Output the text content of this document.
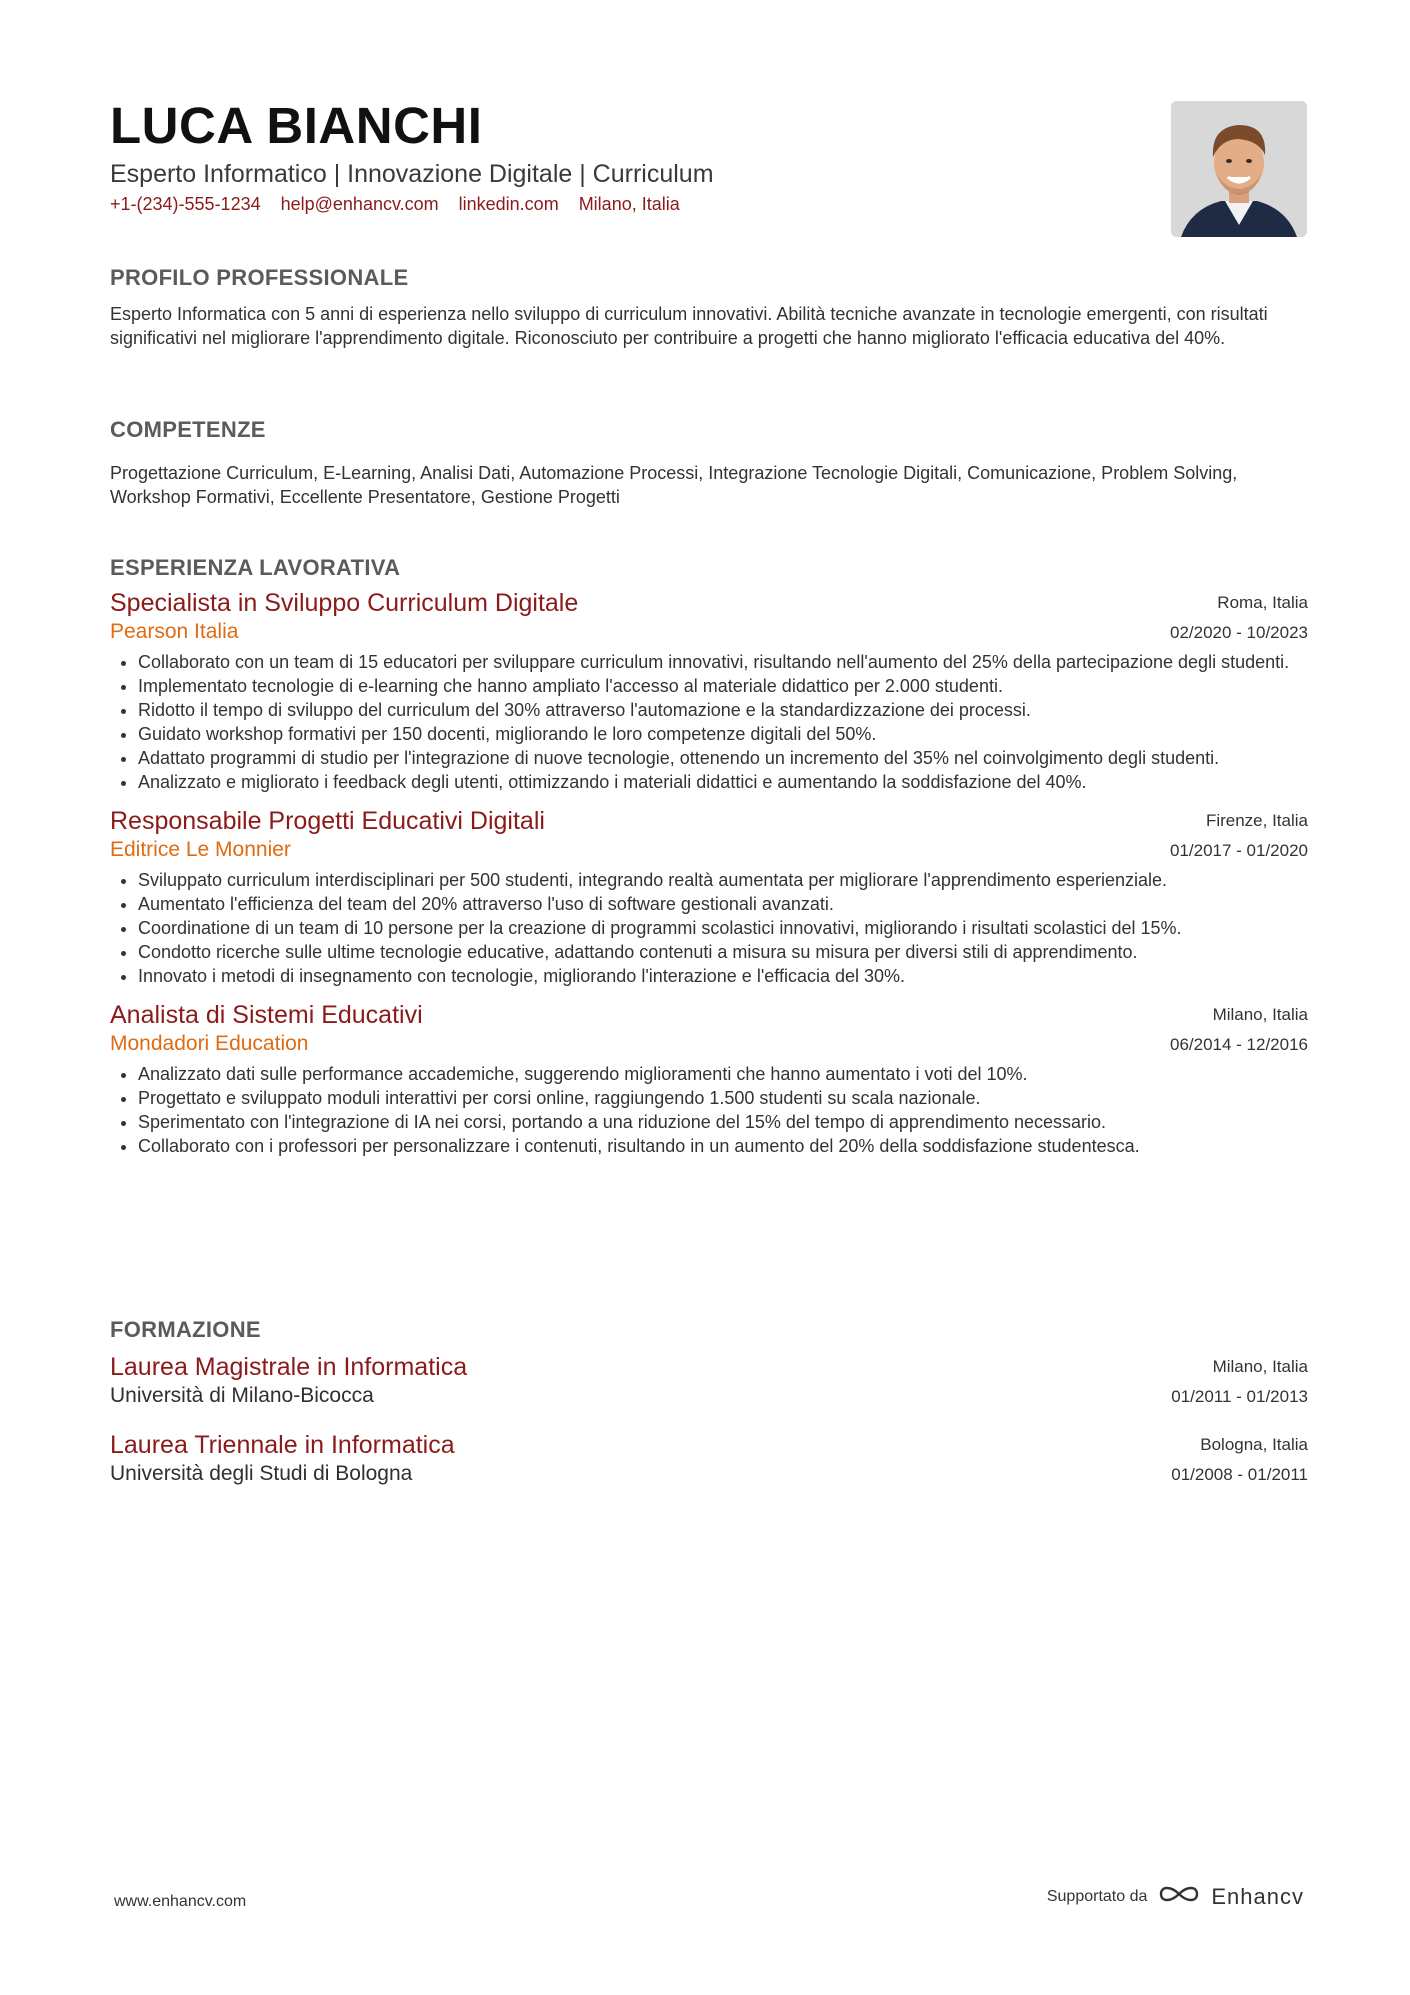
LUCA BIANCHI
Esperto Informatico | Innovazione Digitale | Curriculum
+1-(234)-555-1234 help@enhancv.com linkedin.com Milano, Italia
PROFILO PROFESSIONALE
Esperto Informatica con 5 anni di esperienza nello sviluppo di curriculum innovativi. Abilità tecniche avanzate in tecnologie emergenti, con risultati significativi nel migliorare l'apprendimento digitale. Riconosciuto per contribuire a progetti che hanno migliorato l'efficacia educativa del 40%.
COMPETENZE
Progettazione Curriculum, E-Learning, Analisi Dati, Automazione Processi, Integrazione Tecnologie Digitali, Comunicazione, Problem Solving, Workshop Formativi, Eccellente Presentatore, Gestione Progetti
ESPERIENZA LAVORATIVA
Specialista in Sviluppo Curriculum Digitale
Pearson Italia
Roma, Italia
02/2020 - 10/2023
• Collaborato con un team di 15 educatori per sviluppare curriculum innovativi, risultando nell'aumento del 25% della partecipazione degli studenti.
• Implementato tecnologie di e-learning che hanno ampliato l'accesso al materiale didattico per 2.000 studenti.
• Ridotto il tempo di sviluppo del curriculum del 30% attraverso l'automazione e la standardizzazione dei processi.
• Guidato workshop formativi per 150 docenti, migliorando le loro competenze digitali del 50%.
• Adattato programmi di studio per l'integrazione di nuove tecnologie, ottenendo un incremento del 35% nel coinvolgimento degli studenti.
• Analizzato e migliorato i feedback degli utenti, ottimizzando i materiali didattici e aumentando la soddisfazione del 40%.
Responsabile Progetti Educativi Digitali
Editrice Le Monnier
Firenze, Italia
01/2017 - 01/2020
• Sviluppato curriculum interdisciplinari per 500 studenti, integrando realtà aumentata per migliorare l'apprendimento esperienziale.
• Aumentato l'efficienza del team del 20% attraverso l'uso di software gestionali avanzati.
• Coordinatione di un team di 10 persone per la creazione di programmi scolastici innovativi, migliorando i risultati scolastici del 15%.
• Condotto ricerche sulle ultime tecnologie educative, adattando contenuti a misura su misura per diversi stili di apprendimento.
• Innovato i metodi di insegnamento con tecnologie, migliorando l'interazione e l'efficacia del 30%.
Analista di Sistemi Educativi
Mondadori Education
Milano, Italia
06/2014 - 12/2016
• Analizzato dati sulle performance accademiche, suggerendo miglioramenti che hanno aumentato i voti del 10%.
• Progettato e sviluppato moduli interattivi per corsi online, raggiungendo 1.500 studenti su scala nazionale.
• Sperimentato con l'integrazione di IA nei corsi, portando a una riduzione del 15% del tempo di apprendimento necessario.
• Collaborato con i professori per personalizzare i contenuti, risultando in un aumento del 20% della soddisfazione studentesca.
FORMAZIONE
Laurea Magistrale in Informatica
Università di Milano-Bicocca
Milano, Italia
01/2011 - 01/2013
Laurea Triennale in Informatica
Università degli Studi di Bologna
Bologna, Italia
01/2008 - 01/2011
www.enhancv.com	Supportato da	Enhancv
